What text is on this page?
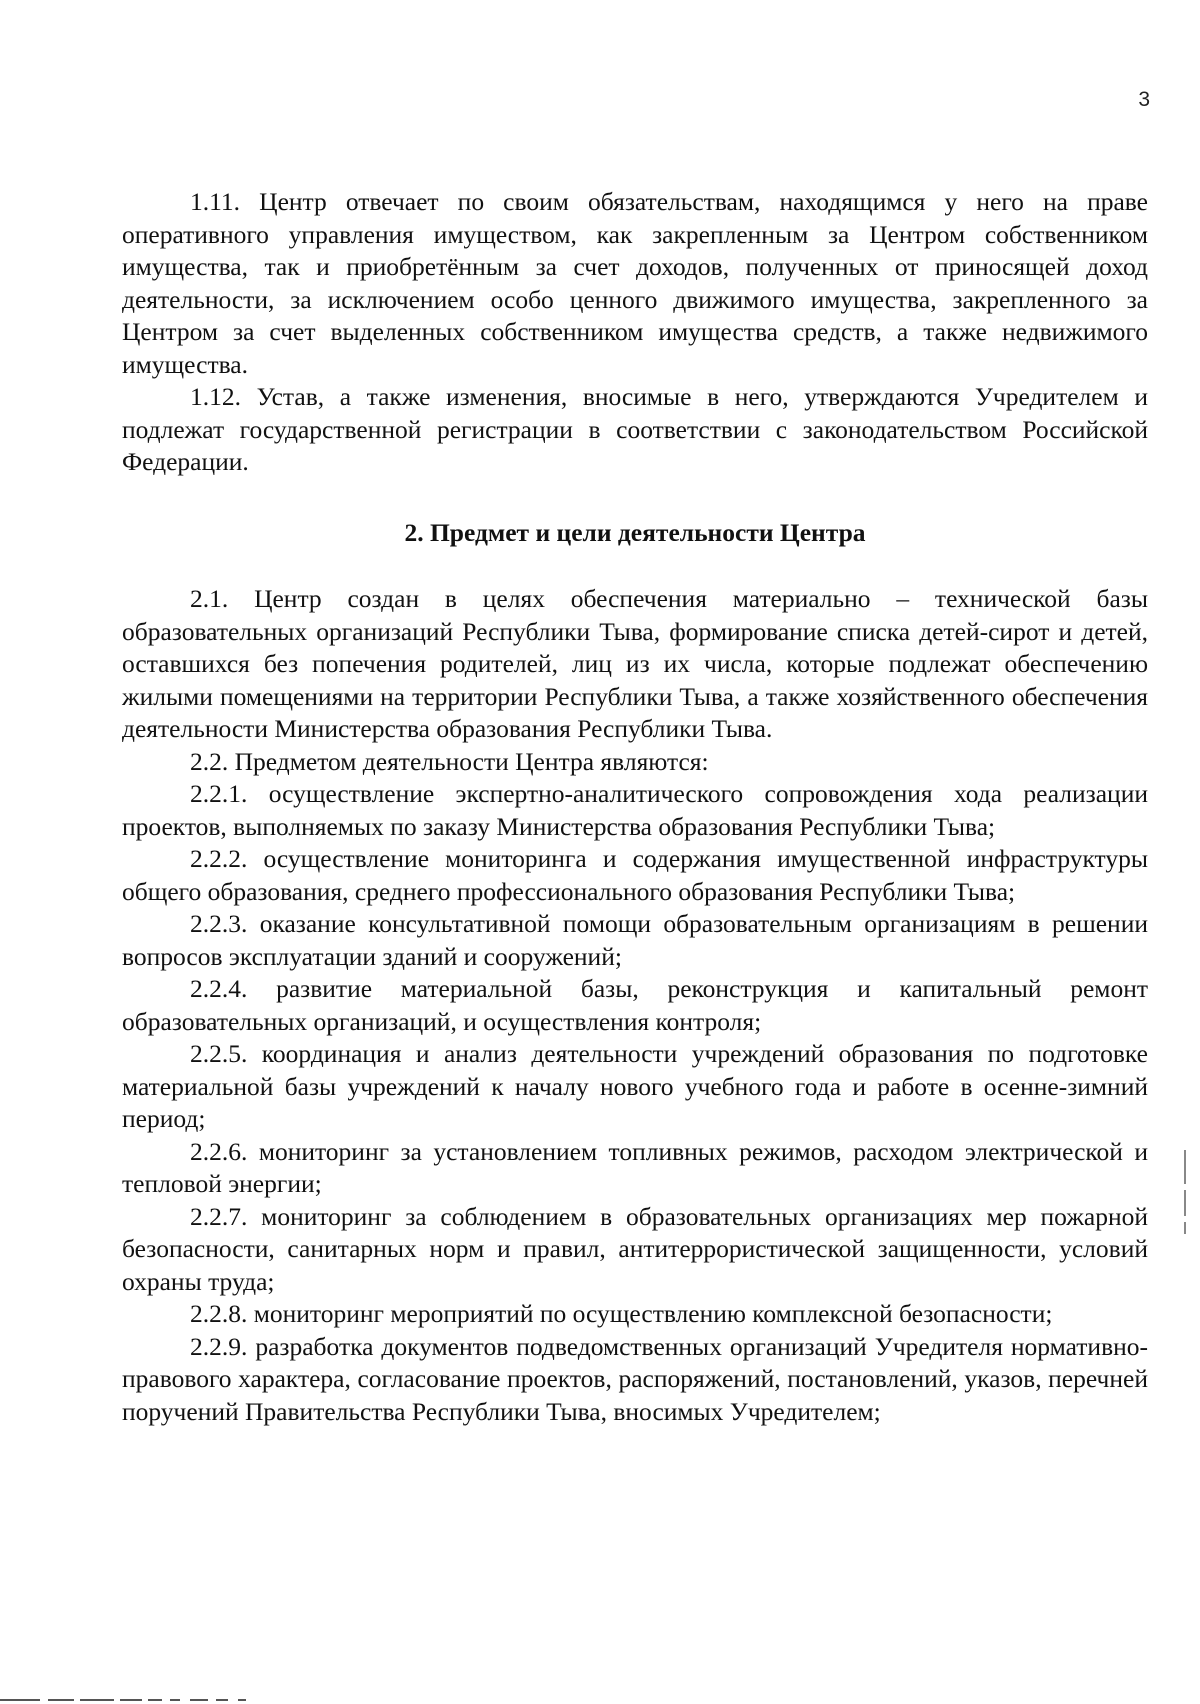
3

1.11. Центр отвечает по своим обязательствам, находящимся у него на праве оперативного управления имуществом, как закрепленным за Центром собственником имущества, так и приобретённым за счет доходов, полученных от приносящей доход деятельности, за исключением особо ценного движимого имущества, закрепленного за Центром за счет выделенных собственником имущества средств, а также недвижимого имущества.

1.12. Устав, а также изменения, вносимые в него, утверждаются Учредителем и подлежат государственной регистрации в соответствии с законодательством Российской Федерации.

2. Предмет и цели деятельности Центра

2.1. Центр создан в целях обеспечения материально – технической базы образовательных организаций Республики Тыва, формирование списка детей-сирот и детей, оставшихся без попечения родителей, лиц из их числа, которые подлежат обеспечению жилыми помещениями на территории Республики Тыва, а также хозяйственного обеспечения деятельности Министерства образования Республики Тыва.

2.2. Предметом деятельности Центра являются:

2.2.1. осуществление экспертно-аналитического сопровождения хода реализации проектов, выполняемых по заказу Министерства образования Республики Тыва;

2.2.2. осуществление мониторинга и содержания имущественной инфраструктуры общего образования, среднего профессионального образования Республики Тыва;

2.2.3. оказание консультативной помощи образовательным организациям в решении вопросов эксплуатации зданий и сооружений;

2.2.4. развитие материальной базы, реконструкция и капитальный ремонт образовательных организаций, и осуществления контроля;

2.2.5. координация и анализ деятельности учреждений образования по подготовке материальной базы учреждений к началу нового учебного года и работе в осенне-зимний период;

2.2.6. мониторинг за установлением топливных режимов, расходом электрической и тепловой энергии;

2.2.7. мониторинг за соблюдением в образовательных организациях мер пожарной безопасности, санитарных норм и правил, антитеррористической защищенности, условий охраны труда;

2.2.8. мониторинг мероприятий по осуществлению комплексной безопасности;

2.2.9. разработка документов подведомственных организаций Учредителя нормативно-правового характера, согласование проектов, распоряжений, постановлений, указов, перечней поручений Правительства Республики Тыва, вносимых Учредителем;
